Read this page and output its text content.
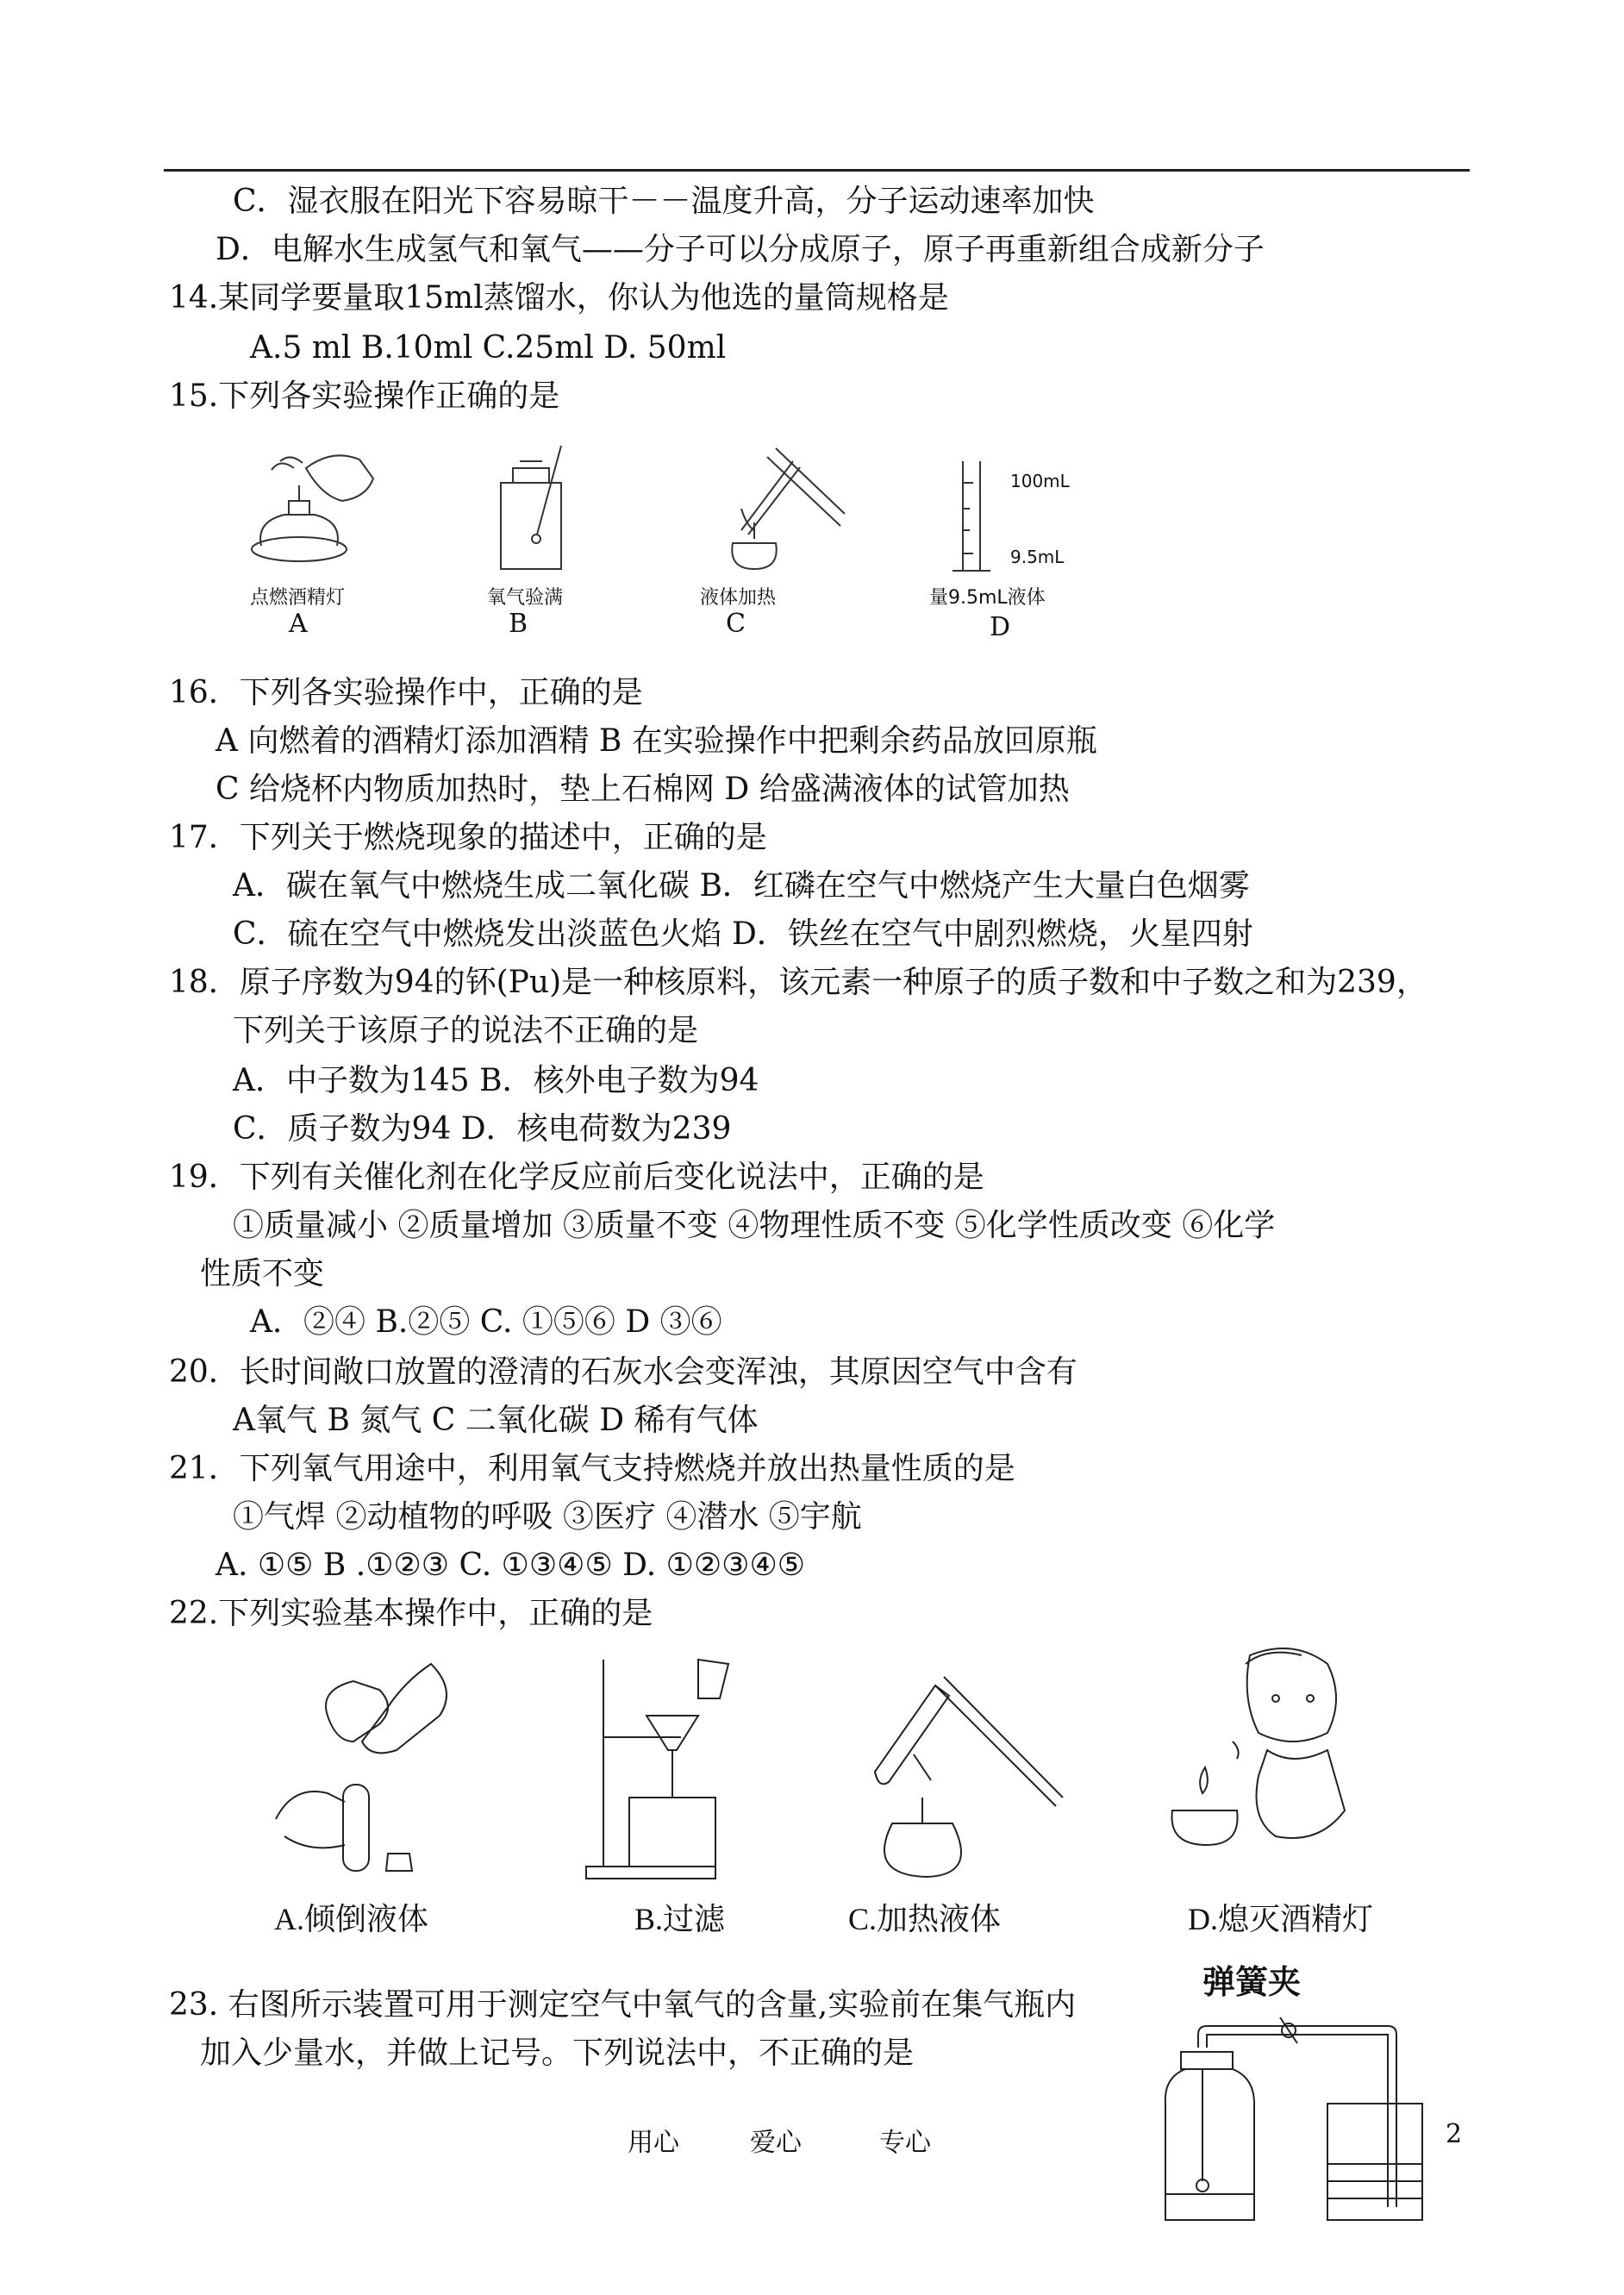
C．湿衣服在阳光下容易晾干－－温度升高，分子运动速率加快
D．电解水生成氢气和氧气——分子可以分成原子，原子再重新组合成新分子
14.某同学要量取15ml蒸馏水，你认为他选的量筒规格是
A.5 ml B.10ml C.25ml D. 50ml
15.下列各实验操作正确的是
点燃酒精灯
A
氧气验满
B
液体加热
C
100mL
9.5mL
量9.5mL液体
D
16．下列各实验操作中，正确的是
A 向燃着的酒精灯添加酒精 B 在实验操作中把剩余药品放回原瓶
C 给烧杯内物质加热时，垫上石棉网 D 给盛满液体的试管加热
17．下列关于燃烧现象的描述中，正确的是
A．碳在氧气中燃烧生成二氧化碳 B．红磷在空气中燃烧产生大量白色烟雾
C．硫在空气中燃烧发出淡蓝色火焰 D．铁丝在空气中剧烈燃烧，火星四射
18．原子序数为94的钚(Pu)是一种核原料，该元素一种原子的质子数和中子数之和为239，
下列关于该原子的说法不正确的是
A．中子数为145 B．核外电子数为94
C．质子数为94 D．核电荷数为239
19．下列有关催化剂在化学反应前后变化说法中，正确的是
①质量减小 ②质量增加 ③质量不变 ④物理性质不变 ⑤化学性质改变 ⑥化学
性质不变
A．②④ B.②⑤ C. ①⑤⑥ D ③⑥
20．长时间敞口放置的澄清的石灰水会变浑浊，其原因空气中含有
A氧气 B 氮气 C 二氧化碳 D 稀有气体
21．下列氧气用途中，利用氧气支持燃烧并放出热量性质的是
①气焊 ②动植物的呼吸 ③医疗 ④潜水 ⑤宇航
A. ①⑤ B .①②③ C. ①③④⑤ D. ①②③④⑤
22.下列实验基本操作中，正确的是
A.倾倒液体	B.过滤	C.加热液体	D.熄灭酒精灯
23. 右图所示装置可用于测定空气中氧气的含量,实验前在集气瓶内
加入少量水，并做上记号。下列说法中，不正确的是
弹簧夹
用心	爱心	专心	2
